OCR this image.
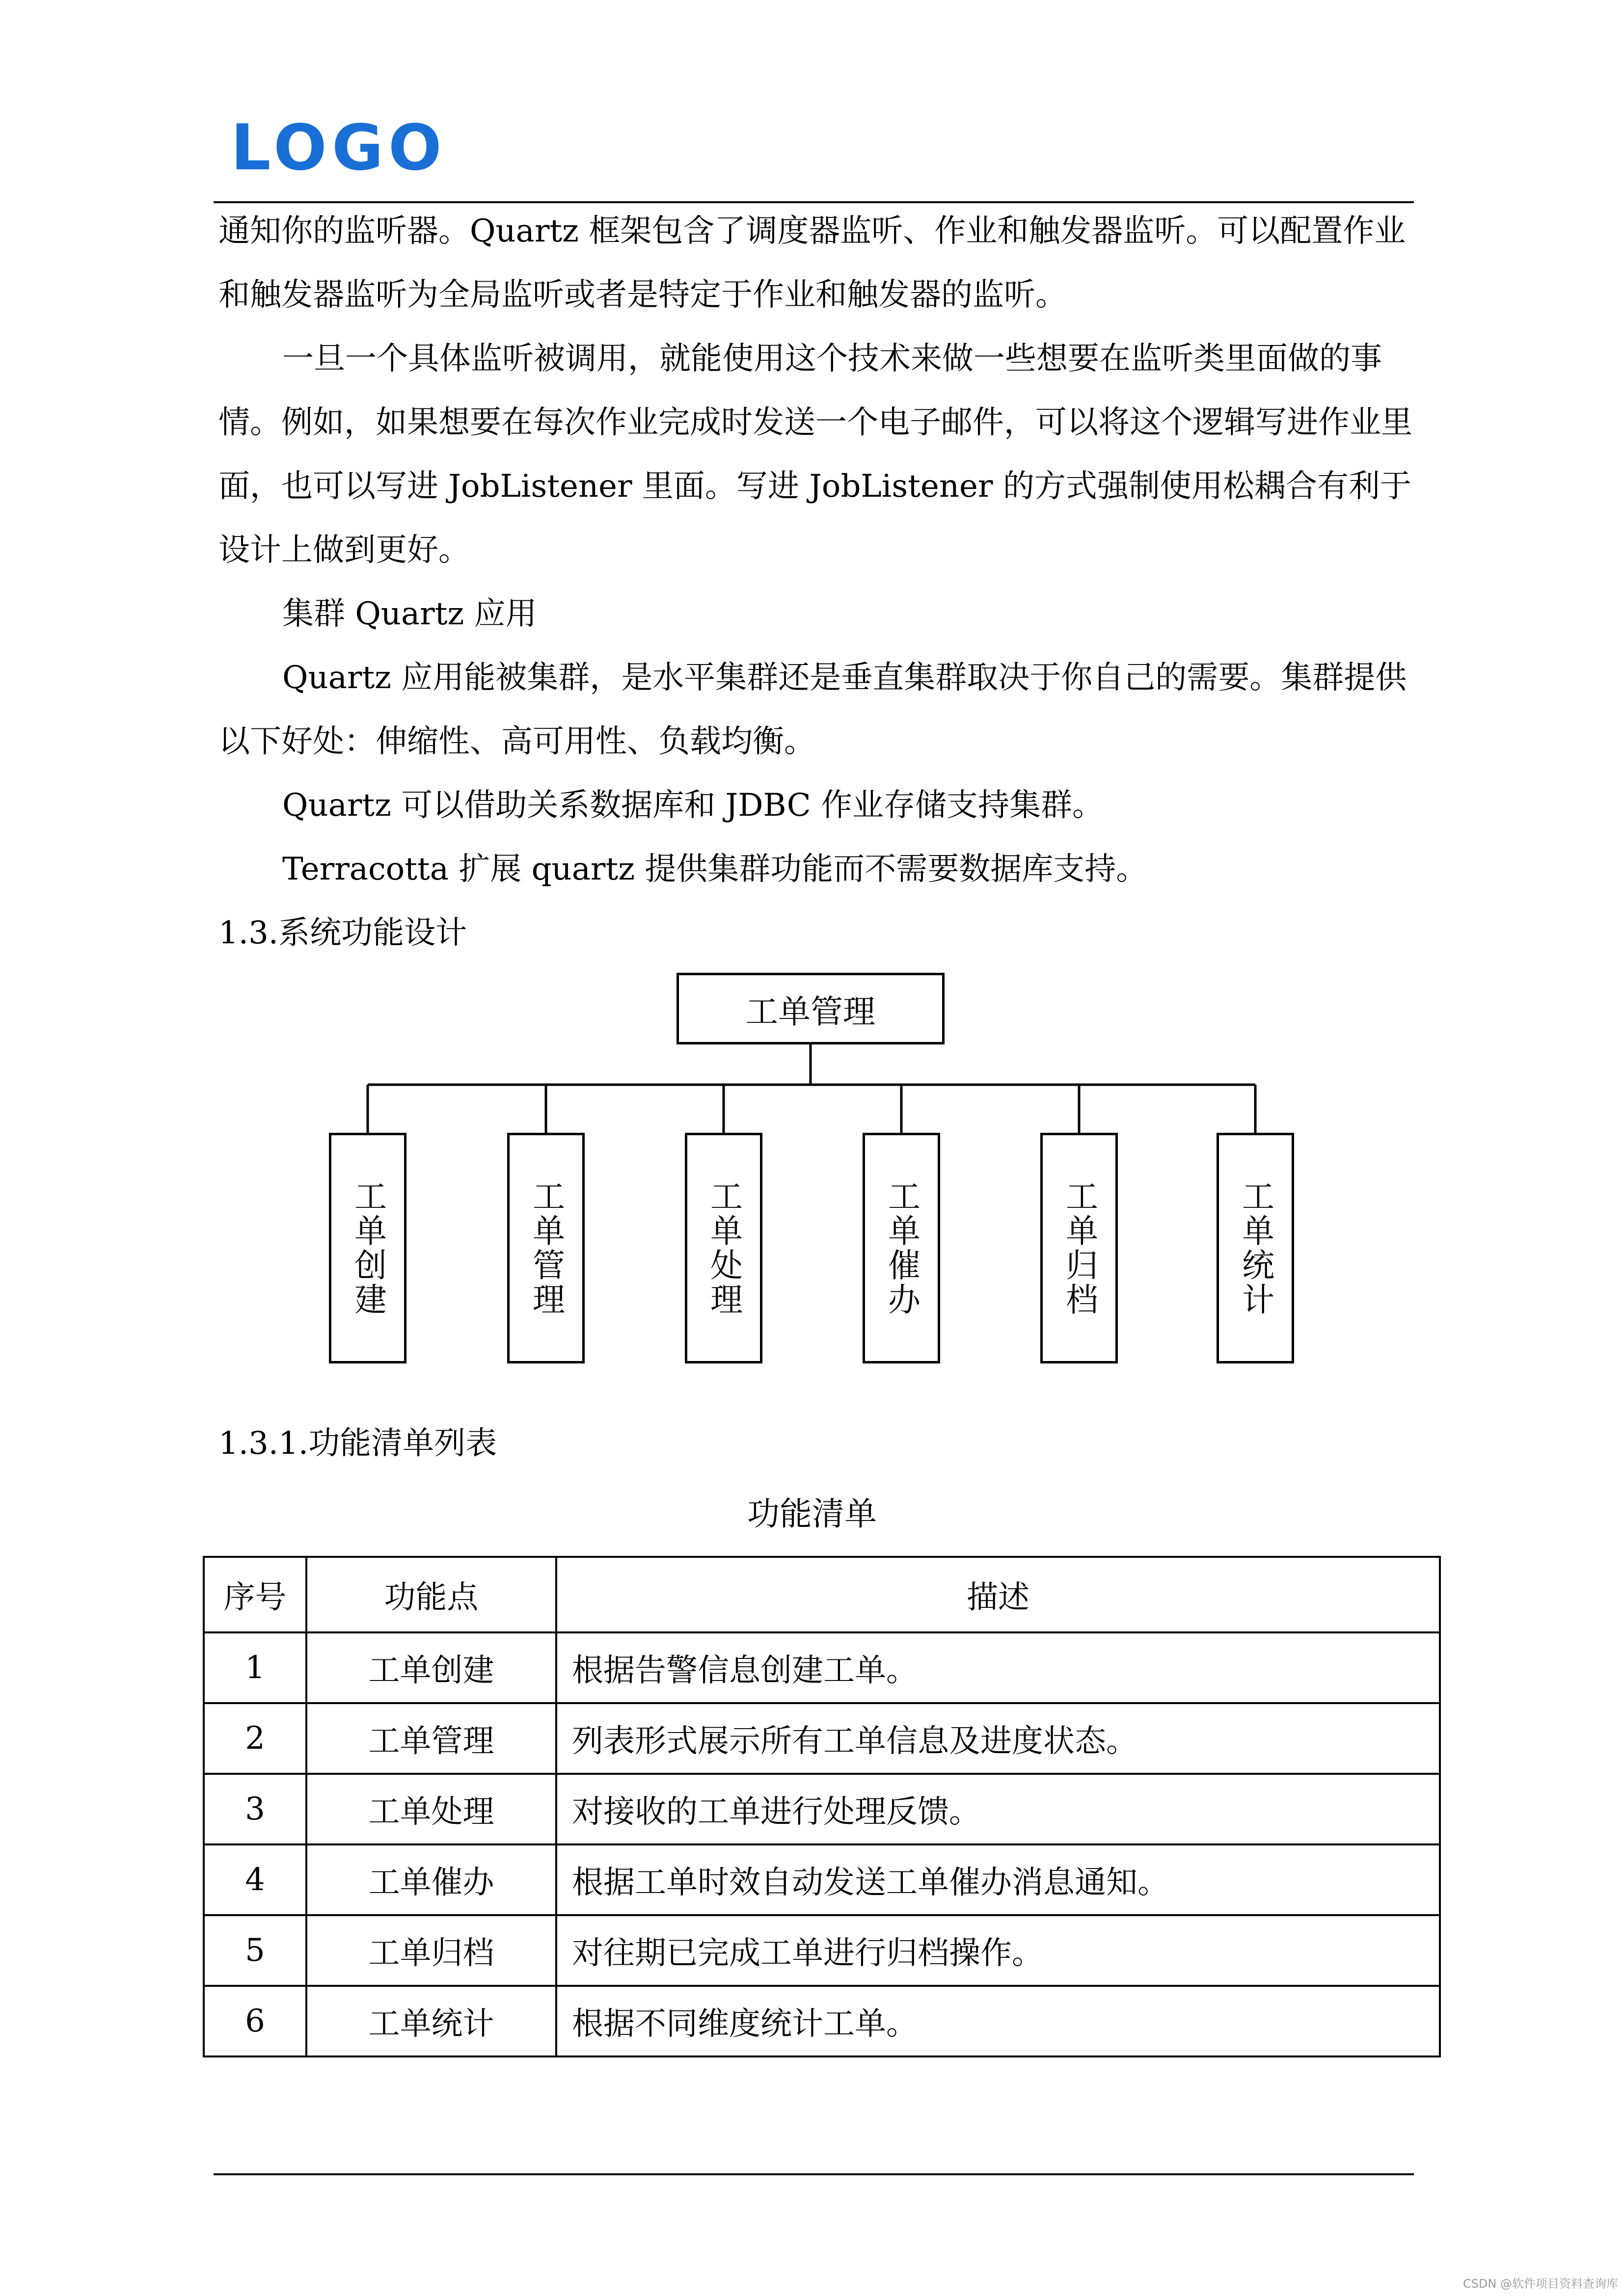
LOGO

通知你的监听器。Quartz 框架包含了调度器监听、作业和触发器监听。可以配置作业和触发器监听为全局监听或者是特定于作业和触发器的监听。

一旦一个具体监听被调用，就能使用这个技术来做一些想要在监听类里面做的事情。例如，如果想要在每次作业完成时发送一个电子邮件，可以将这个逻辑写进作业里面，也可以写进 JobListener 里面。写进 JobListener 的方式强制使用松耦合有利于设计上做到更好。

集群 Quartz 应用

Quartz 应用能被集群，是水平集群还是垂直集群取决于你自己的需要。集群提供以下好处：伸缩性、高可用性、负载均衡。

Quartz 可以借助关系数据库和 JDBC 作业存储支持集群。

Terracotta 扩展 quartz 提供集群功能而不需要数据库支持。

1.3.系统功能设计

工单管理
工单创建	工单管理	工单处理	工单催办	工单归档	工单统计

1.3.1.功能清单列表

功能清单
序号	功能点	描述
1	工单创建	根据告警信息创建工单。
2	工单管理	列表形式展示所有工单信息及进度状态。
3	工单处理	对接收的工单进行处理反馈。
4	工单催办	根据工单时效自动发送工单催办消息通知。
5	工单归档	对往期已完成工单进行归档操作。
6	工单统计	根据不同维度统计工单。
CSDN @软件项目资料查询库
